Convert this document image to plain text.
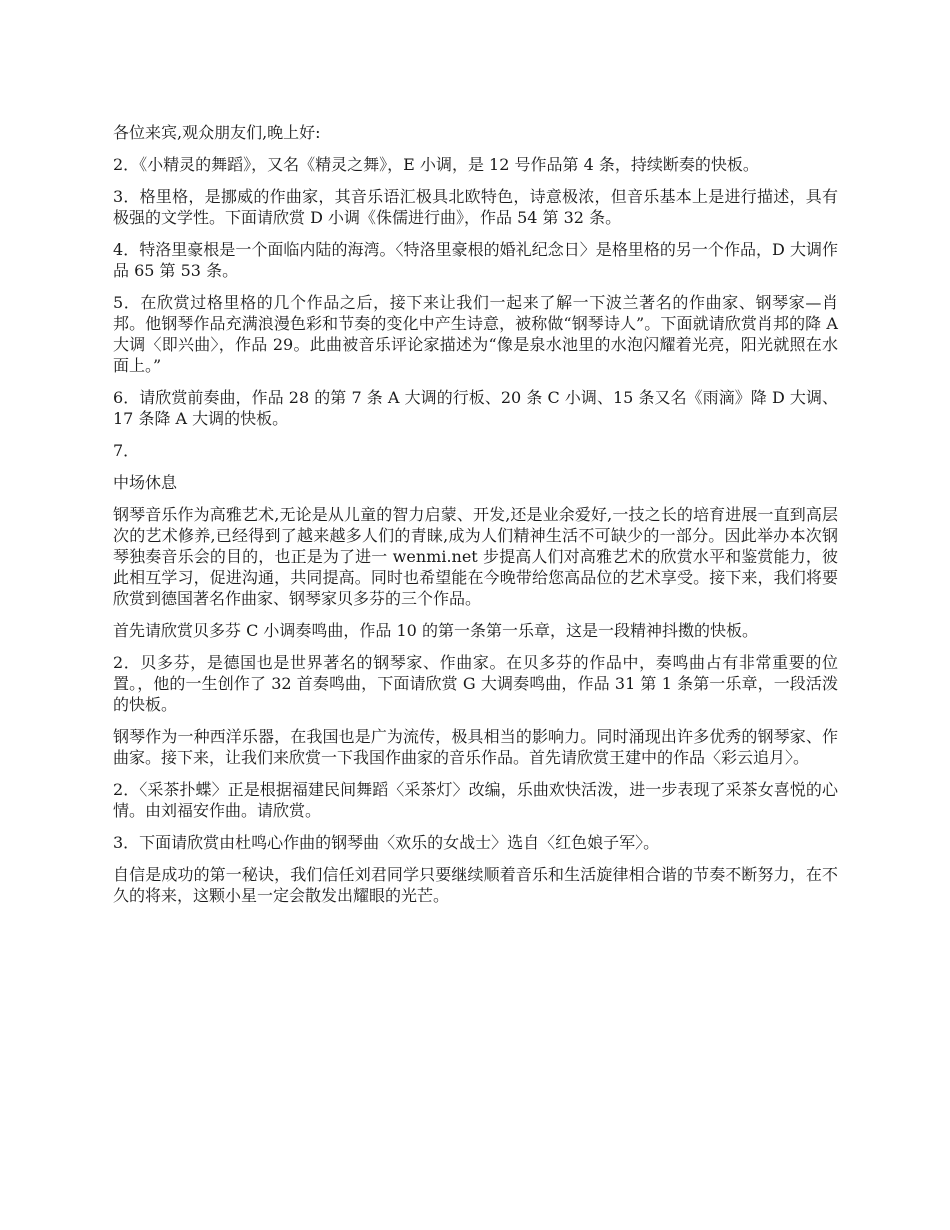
各位来宾,观众朋友们,晚上好:

2．《小精灵的舞蹈》，又名《精灵之舞》，E 小调，是 12 号作品第 4 条，持续断奏的快板。

3．格里格，是挪威的作曲家，其音乐语汇极具北欧特色，诗意极浓，但音乐基本上是进行描述，具有极强的文学性。下面请欣赏 D 小调《侏儒进行曲》，作品 54 第 32 条。

4．特洛里豪根是一个面临内陆的海湾。〈特洛里豪根的婚礼纪念日〉是格里格的另一个作品，D 大调作品 65 第 53 条。

5．在欣赏过格里格的几个作品之后，接下来让我们一起来了解一下波兰著名的作曲家、钢琴家—肖邦。他钢琴作品充满浪漫色彩和节奏的变化中产生诗意，被称做“钢琴诗人”。下面就请欣赏肖邦的降 A 大调〈即兴曲〉，作品 29。此曲被音乐评论家描述为“像是泉水池里的水泡闪耀着光亮，阳光就照在水面上。”

6．请欣赏前奏曲，作品 28 的第 7 条 A 大调的行板、20 条 C 小调、15 条又名《雨滴》降 D 大调、17 条降 A 大调的快板。

7．

中场休息

钢琴音乐作为高雅艺术,无论是从儿童的智力启蒙、开发,还是业余爱好,一技之长的培育进展一直到高层次的艺术修养,已经得到了越来越多人们的青睐,成为人们精神生活不可缺少的一部分。因此举办本次钢琴独奏音乐会的目的，也正是为了进一 wenmi.net 步提高人们对高雅艺术的欣赏水平和鉴赏能力，彼此相互学习，促进沟通，共同提高。同时也希望能在今晚带给您高品位的艺术享受。接下来，我们将要欣赏到德国著名作曲家、钢琴家贝多芬的三个作品。

首先请欣赏贝多芬 C 小调奏鸣曲，作品 10 的第一条第一乐章，这是一段精神抖擞的快板。

2．贝多芬，是德国也是世界著名的钢琴家、作曲家。在贝多芬的作品中，奏鸣曲占有非常重要的位置。，他的一生创作了 32 首奏鸣曲，下面请欣赏 G 大调奏鸣曲，作品 31 第 1 条第一乐章，一段活泼的快板。

钢琴作为一种西洋乐器，在我国也是广为流传，极具相当的影响力。同时涌现出许多优秀的钢琴家、作曲家。接下来，让我们来欣赏一下我国作曲家的音乐作品。首先请欣赏王建中的作品〈彩云追月〉。

2．〈采茶扑蝶〉正是根据福建民间舞蹈〈采茶灯〉改编，乐曲欢快活泼，进一步表现了采茶女喜悦的心情。由刘福安作曲。请欣赏。

3．下面请欣赏由杜鸣心作曲的钢琴曲〈欢乐的女战士〉选自〈红色娘子军〉。

自信是成功的第一秘诀，我们信任刘君同学只要继续顺着音乐和生活旋律相合谐的节奏不断努力，在不久的将来，这颗小星一定会散发出耀眼的光芒。
